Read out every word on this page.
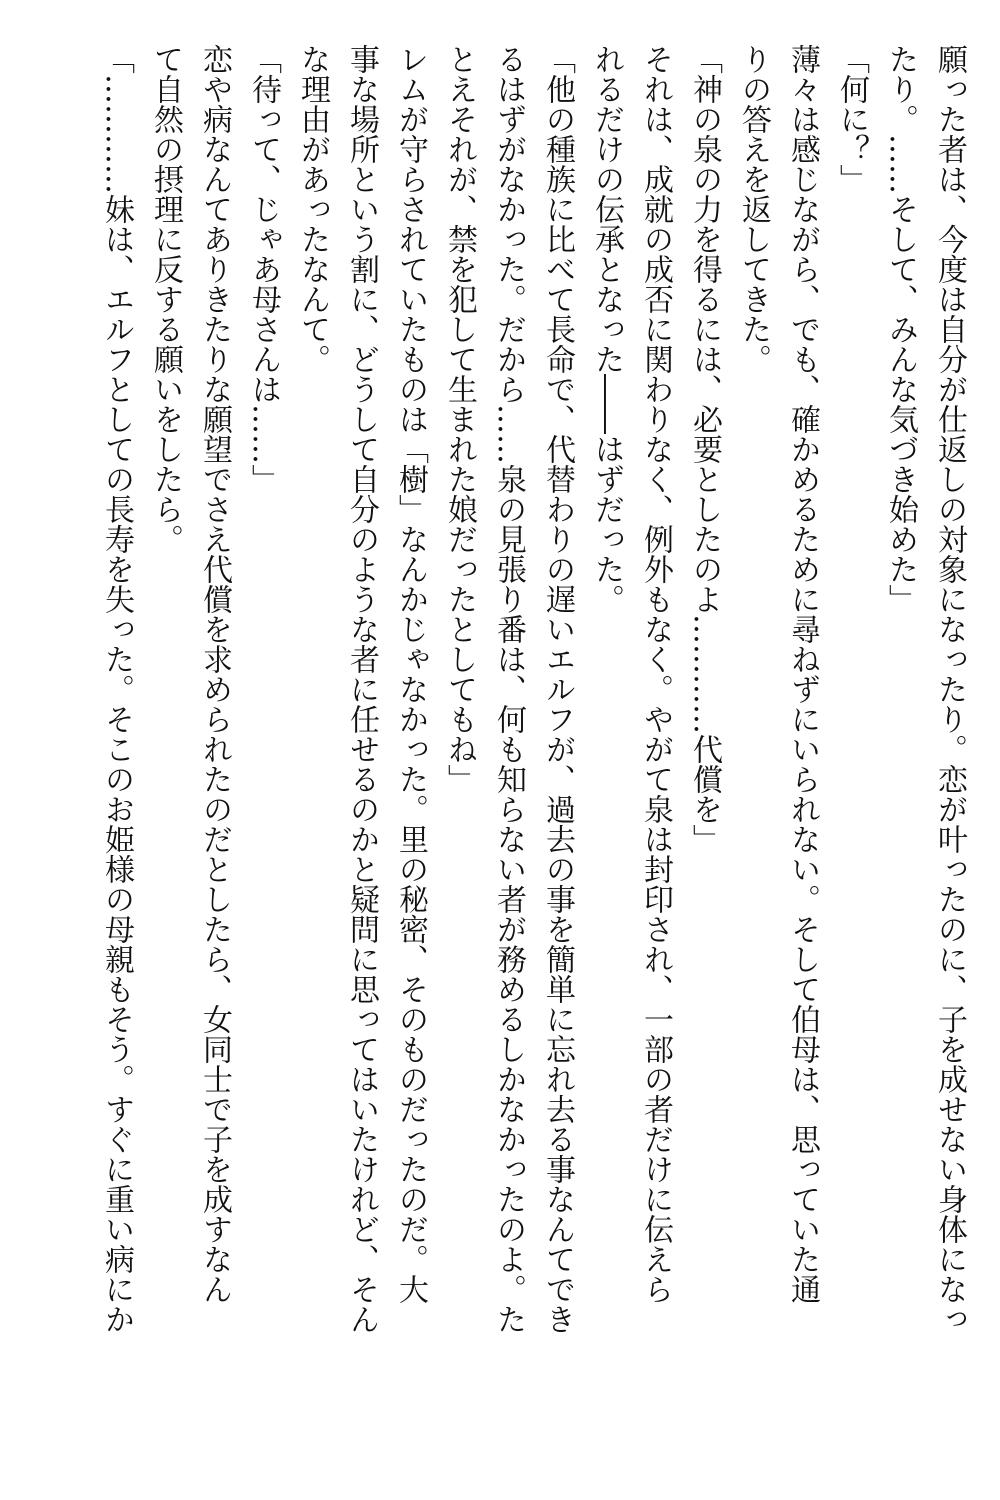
願った者は、今度は自分が仕返しの対象になったり。恋が叶ったのに、子を成せない身体になっ
たり。……そして、みんな気づき始めた」
「何に？」
薄々は感じながら、でも、確かめるために尋ねずにいられない。そして伯母は、思っていた通
りの答えを返してきた。
「神の泉の力を得るには、必要としたのよ…………代償を」
それは、成就の成否に関わりなく、例外もなく。やがて泉は封印され、一部の者だけに伝えら
れるだけの伝承となった――はずだった。
「他の種族に比べて長命で、代替わりの遅いエルフが、過去の事を簡単に忘れ去る事なんてでき
るはずがなかった。だから……泉の見張り番は、何も知らない者が務めるしかなかったのよ。た
とえそれが、禁を犯して生まれた娘だったとしてもね」
レムが守らされていたものは「樹」なんかじゃなかった。里の秘密、そのものだったのだ。大
事な場所という割に、どうして自分のような者に任せるのかと疑問に思ってはいたけれど、そん
な理由があったなんて。
「待って、じゃあ母さんは……」
恋や病なんてありきたりな願望でさえ代償を求められたのだとしたら、女同士で子を成すなん
て自然の摂理に反する願いをしたら。
「…………妹は、エルフとしての長寿を失った。そこのお姫様の母親もそう。すぐに重い病にか
